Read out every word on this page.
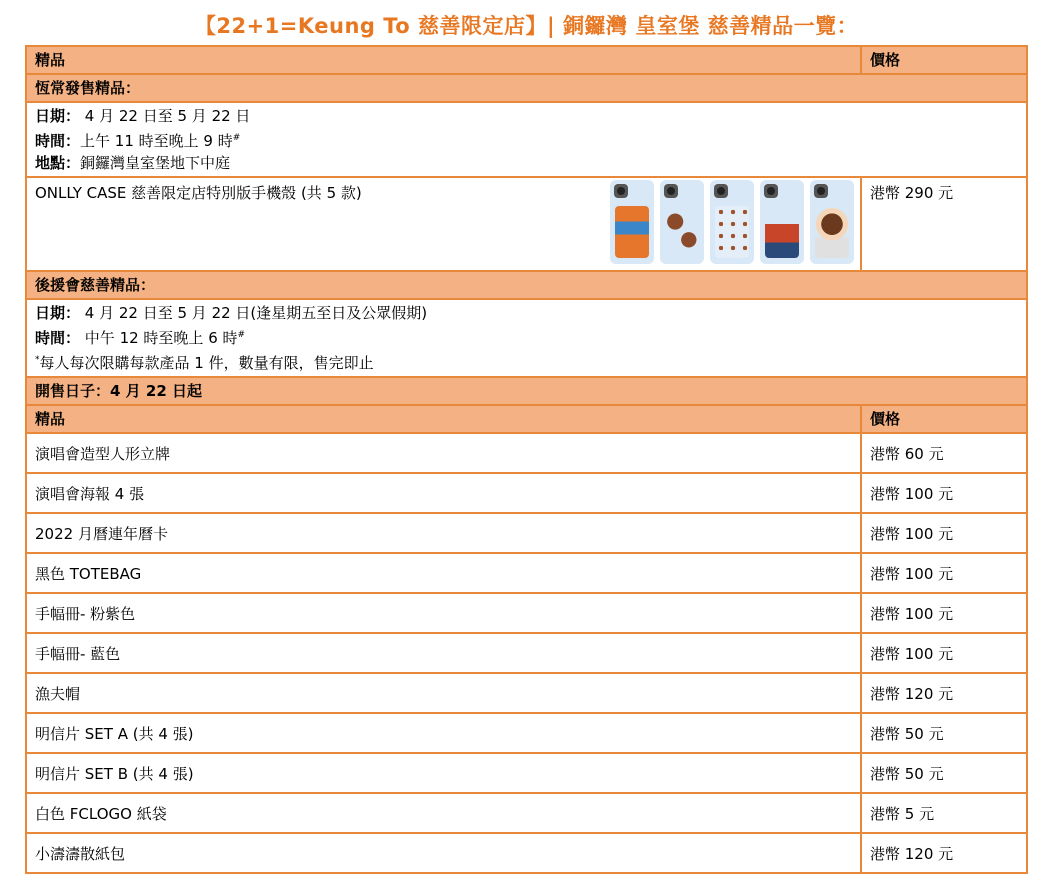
【22+1=Keung To 慈善限定店】| 銅鑼灣 皇室堡 慈善精品一覽：
精品	價格
恆常發售精品：	

日期： 4 月 22 日至 5 月 22 日
時間：上午 11 時至晚上 9 時#
地點：銅鑼灣皇室堡地下中庭	

ONLLY CASE 慈善限定店特別版手機殼 (共 5 款)	港幣 290 元
後援會慈善精品：	

日期： 4 月 22 日至 5 月 22 日(逢星期五至日及公眾假期)
時間： 中午 12 時至晚上 6 時#
*每人每次限購每款產品 1 件，數量有限，售完即止	

開售日子：4 月 22 日起	
精品	價格
演唱會造型人形立牌	港幣 60 元
演唱會海報 4 張	港幣 100 元
2022 月曆連年曆卡	港幣 100 元
黑色 TOTEBAG	港幣 100 元
手幅冊- 粉紫色	港幣 100 元
手幅冊- 藍色	港幣 100 元
漁夫帽	港幣 120 元
明信片 SET A (共 4 張)	港幣 50 元
明信片 SET B (共 4 張)	港幣 50 元
白色 FCLOGO 紙袋	港幣 5 元
小濤濤散紙包	港幣 120 元
